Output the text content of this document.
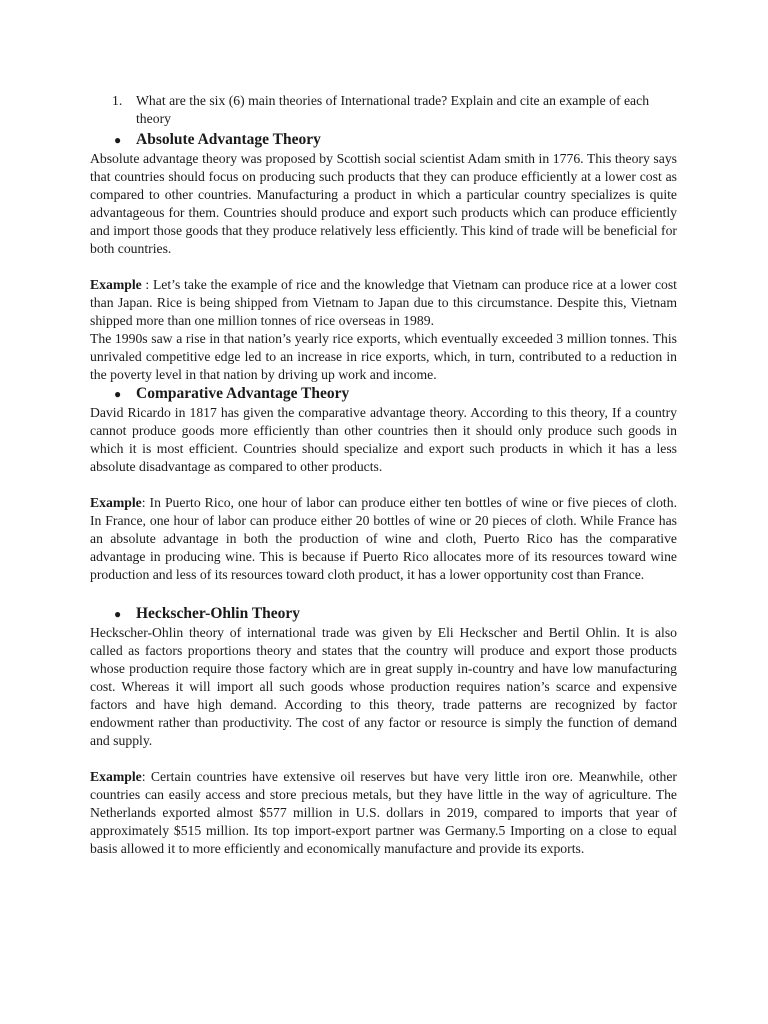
1.	What are the six (6) main theories of International trade? Explain and cite an example of each theory
● Absolute Advantage Theory

Absolute advantage theory was proposed by Scottish social scientist Adam smith in 1776. This theory says that countries should focus on producing such products that they can produce efficiently at a lower cost as compared to other countries. Manufacturing a product in which a particular country specializes is quite advantageous for them. Countries should produce and export such products which can produce efficiently and import those goods that they produce relatively less efficiently. This kind of trade will be beneficial for both countries.

Example : Let’s take the example of rice and the knowledge that Vietnam can produce rice at a lower cost than Japan. Rice is being shipped from Vietnam to Japan due to this circumstance. Despite this, Vietnam shipped more than one million tonnes of rice overseas in 1989.

The 1990s saw a rise in that nation’s yearly rice exports, which eventually exceeded 3 million tonnes. This unrivaled competitive edge led to an increase in rice exports, which, in turn, contributed to a reduction in the poverty level in that nation by driving up work and income.

● Comparative Advantage Theory

David Ricardo in 1817 has given the comparative advantage theory. According to this theory, If a country cannot produce goods more efficiently than other countries then it should only produce such goods in which it is most efficient. Countries should specialize and export such products in which it has a less absolute disadvantage as compared to other products.

Example: In Puerto Rico, one hour of labor can produce either ten bottles of wine or five pieces of cloth. In France, one hour of labor can produce either 20 bottles of wine or 20 pieces of cloth. While France has an absolute advantage in both the production of wine and cloth, Puerto Rico has the comparative advantage in producing wine. This is because if Puerto Rico allocates more of its resources toward wine production and less of its resources toward cloth product, it has a lower opportunity cost than France.

● Heckscher-Ohlin Theory

Heckscher-Ohlin theory of international trade was given by Eli Heckscher and Bertil Ohlin. It is also called as factors proportions theory and states that the country will produce and export those products whose production require those factory which are in great supply in-country and have low manufacturing cost. Whereas it will import all such goods whose production requires nation’s scarce and expensive factors and have high demand. According to this theory, trade patterns are recognized by factor endowment rather than productivity. The cost of any factor or resource is simply the function of demand and supply.

Example: Certain countries have extensive oil reserves but have very little iron ore. Meanwhile, other countries can easily access and store precious metals, but they have little in the way of agriculture. The Netherlands exported almost $577 million in U.S. dollars in 2019, compared to imports that year of approximately $515 million. Its top import-export partner was Germany.5 Importing on a close to equal basis allowed it to more efficiently and economically manufacture and provide its exports.
